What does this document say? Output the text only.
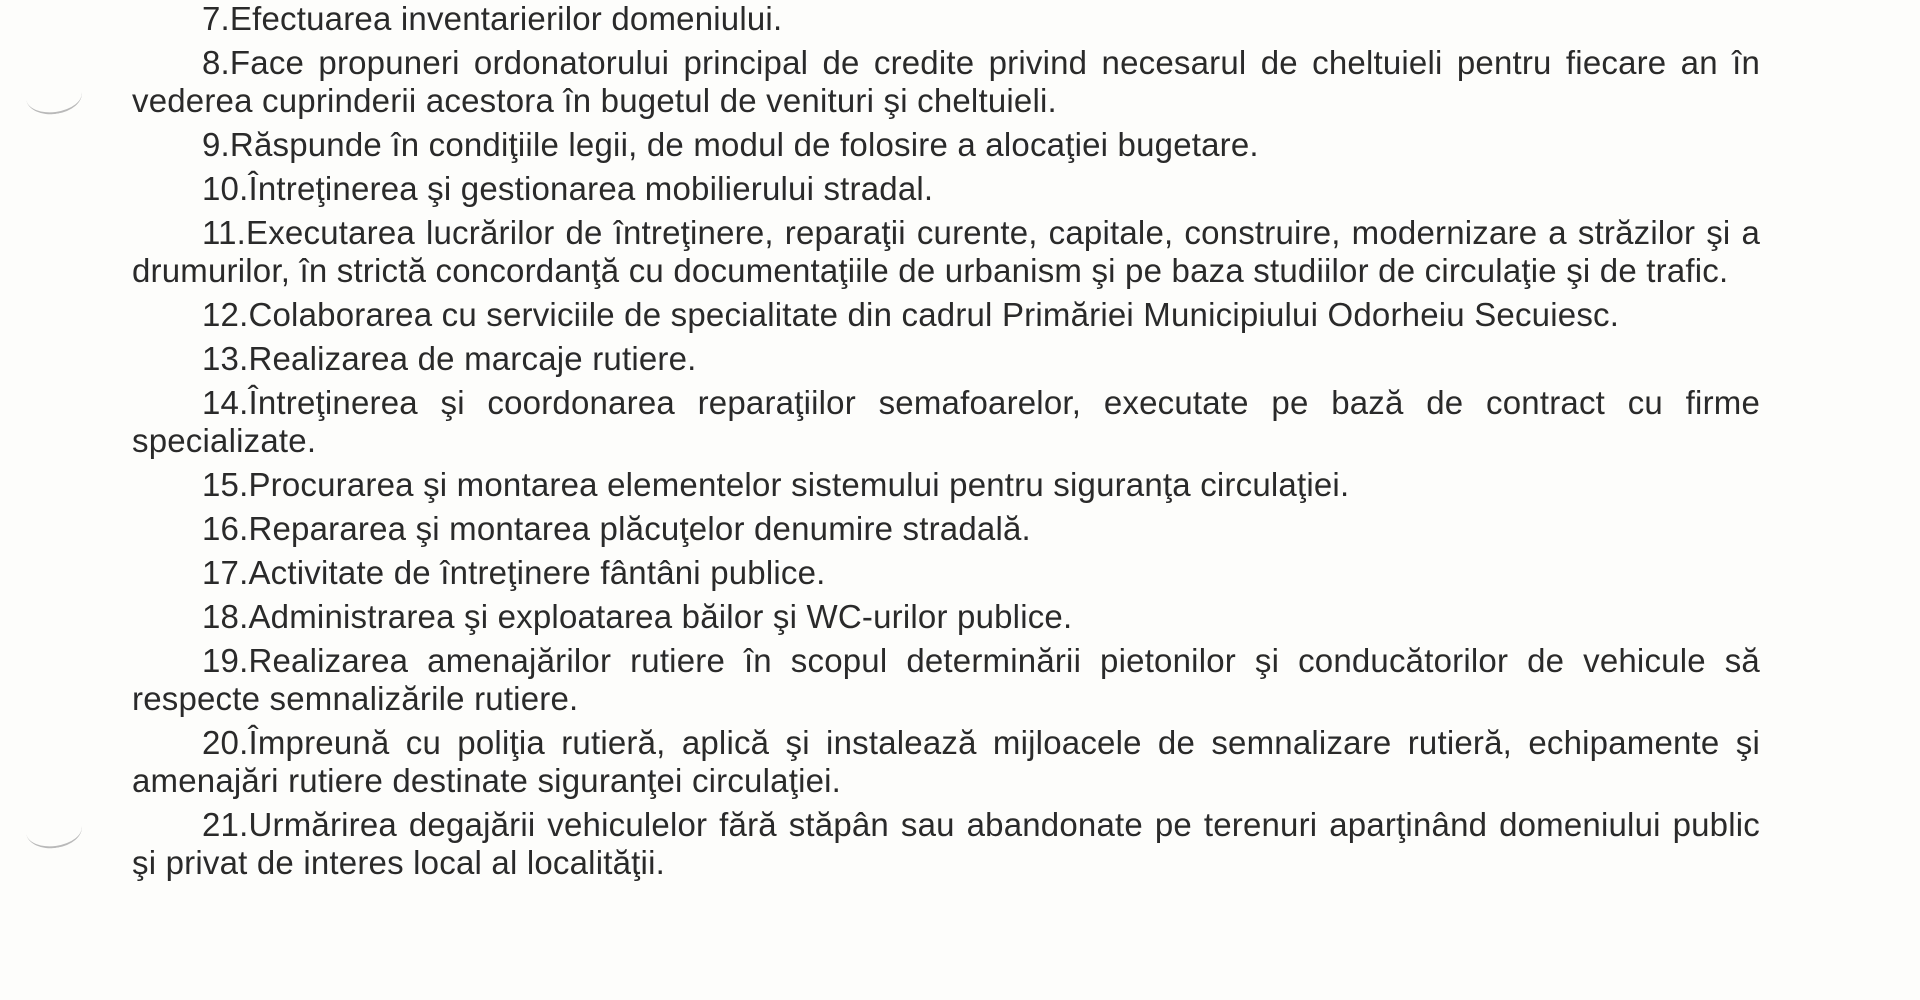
7.Efectuarea inventarierilor domeniului.

8.Face propuneri ordonatorului principal de credite privind necesarul de cheltuieli pentru fiecare an în vederea cuprinderii acestora în bugetul de venituri şi cheltuieli.

9.Răspunde în condiţiile legii, de modul de folosire a alocaţiei bugetare.

10.Întreţinerea şi gestionarea mobilierului stradal.

11.Executarea lucrărilor de întreţinere, reparaţii curente, capitale, construire, modernizare a străzilor şi a drumurilor, în strictă concordanţă cu documentaţiile de urbanism şi pe baza studiilor de circulaţie şi de trafic.

12.Colaborarea cu serviciile de specialitate din cadrul Primăriei Municipiului Odorheiu Secuiesc.

13.Realizarea de marcaje rutiere.

14.Întreţinerea şi coordonarea reparaţiilor semafoarelor, executate pe bază de contract cu firme specializate.

15.Procurarea şi montarea elementelor sistemului pentru siguranţa circulaţiei.

16.Repararea şi montarea plăcuţelor denumire stradală.

17.Activitate de întreţinere fântâni publice.

18.Administrarea şi exploatarea băilor şi WC-urilor publice.

19.Realizarea amenajărilor rutiere în scopul determinării pietonilor şi conducătorilor de vehicule să respecte semnalizările rutiere.

20.Împreună cu poliţia rutieră, aplică şi instalează mijloacele de semnalizare rutieră, echipamente şi amenajări rutiere destinate siguranţei circulaţiei.

21.Urmărirea degajării vehiculelor fără stăpân sau abandonate pe terenuri aparţinând domeniului public şi privat de interes local al localităţii.
